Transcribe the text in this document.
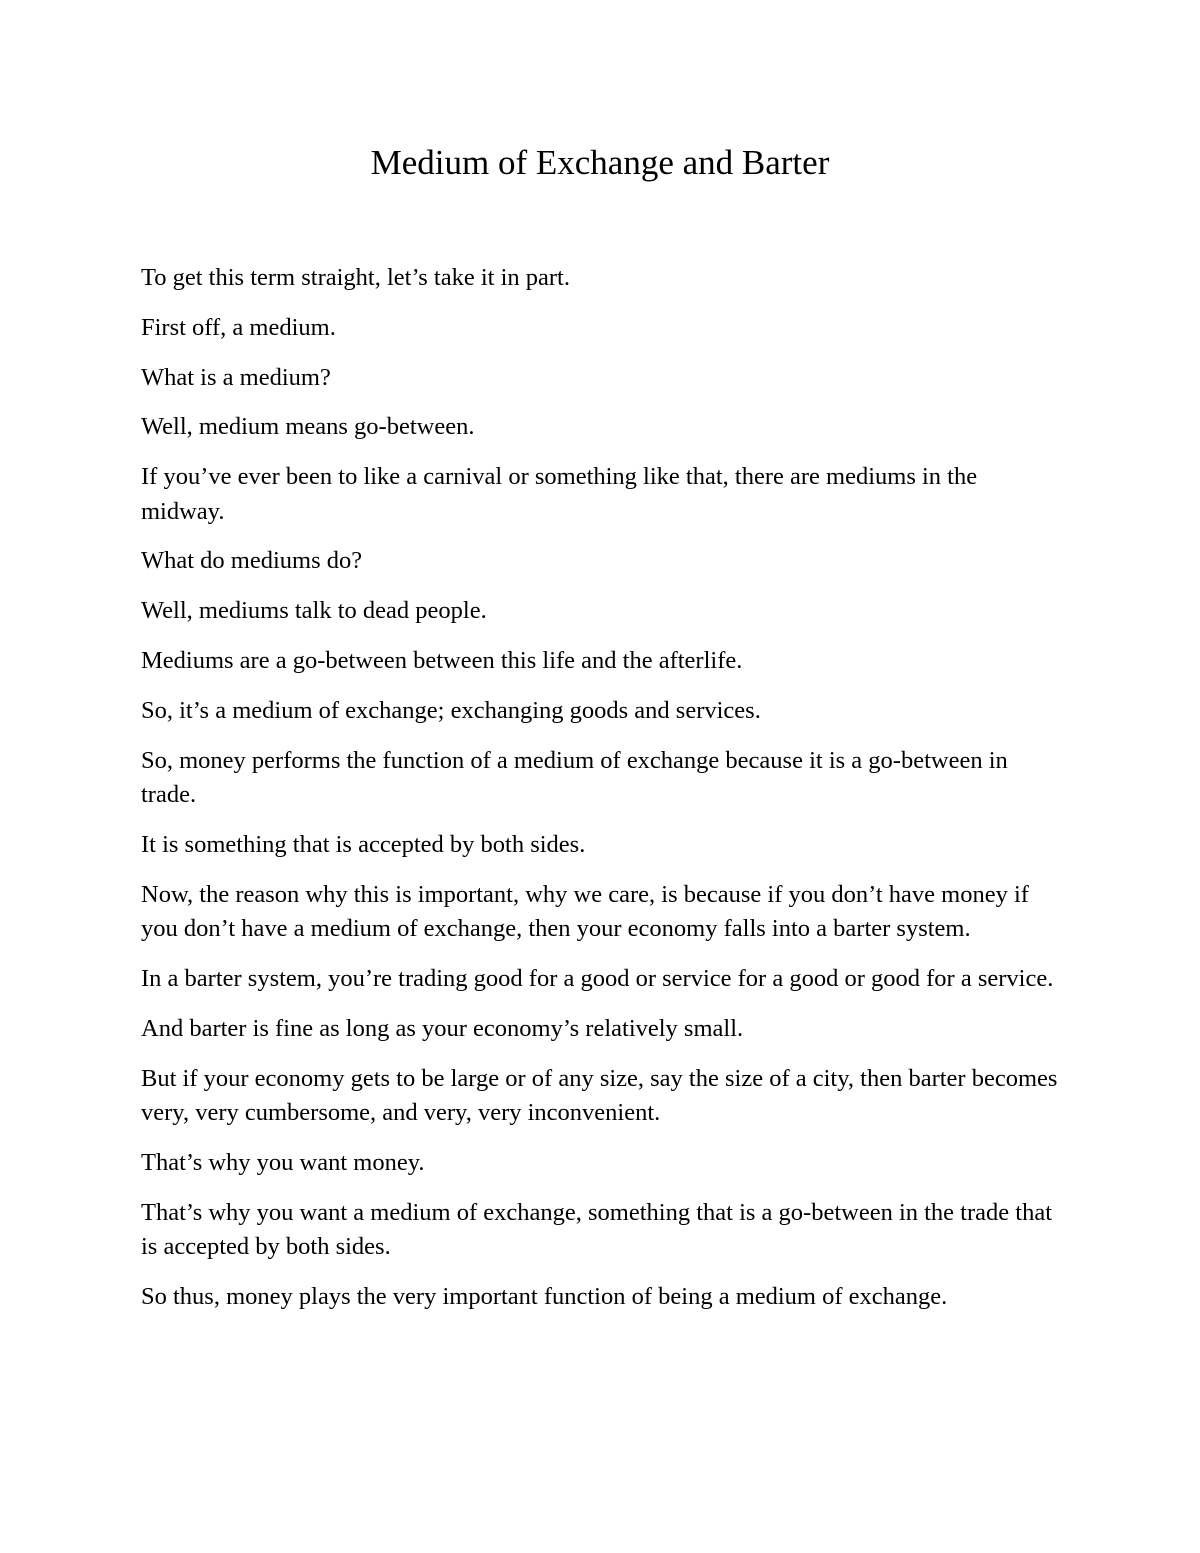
Medium of Exchange and Barter

To get this term straight, let’s take it in part.

First off, a medium.

What is a medium?

Well, medium means go-between.

If you’ve ever been to like a carnival or something like that, there are mediums in the midway.

What do mediums do?

Well, mediums talk to dead people.

Mediums are a go-between between this life and the afterlife.

So, it’s a medium of exchange; exchanging goods and services.

So, money performs the function of a medium of exchange because it is a go-between in trade.

It is something that is accepted by both sides.

Now, the reason why this is important, why we care, is because if you don’t have money if you don’t have a medium of exchange, then your economy falls into a barter system.

In a barter system, you’re trading good for a good or service for a good or good for a service.

And barter is fine as long as your economy’s relatively small.

But if your economy gets to be large or of any size, say the size of a city, then barter becomes very, very cumbersome, and very, very inconvenient.

That’s why you want money.

That’s why you want a medium of exchange, something that is a go-between in the trade that is accepted by both sides.

So thus, money plays the very important function of being a medium of exchange.
